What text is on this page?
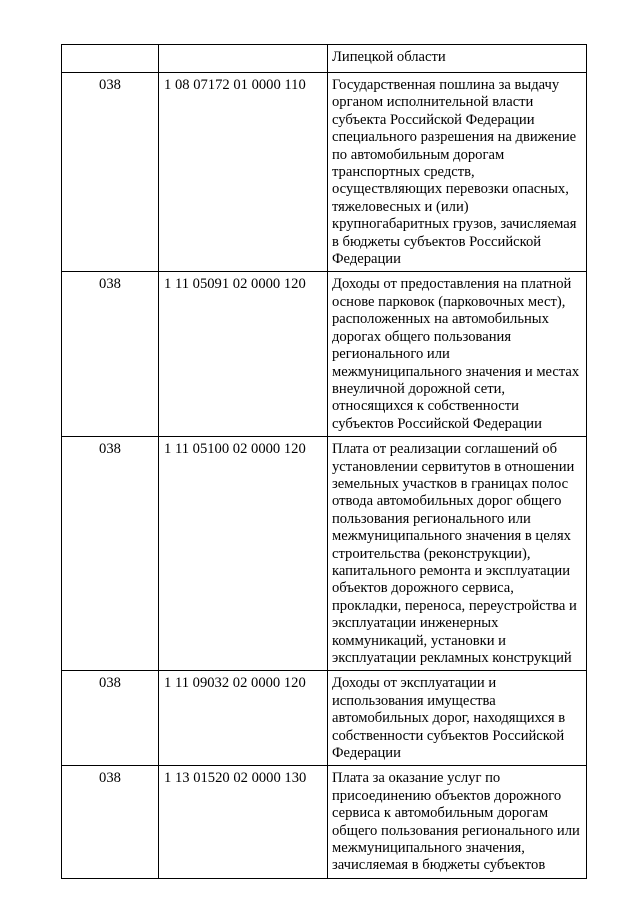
		Липецкой области
038	1 08 07172 01 0000 110	Государственная пошлина за выдачу органом исполнительной власти субъекта Российской Федерации специального разрешения на движение по автомобильным дорогам транспортных средств, осуществляющих перевозки опасных, тяжеловесных и (или) крупногабаритных грузов, зачисляемая в бюджеты субъектов Российской Федерации
038	1 11 05091 02 0000 120	Доходы от предоставления на платной основе парковок (парковочных мест), расположенных на автомобильных дорогах общего пользования регионального или межмуниципального значения и местах внеуличной дорожной сети, относящихся к собственности субъектов Российской Федерации
038	1 11 05100 02 0000 120	Плата от реализации соглашений об установлении сервитутов в отношении земельных участков в границах полос отвода автомобильных дорог общего пользования регионального или межмуниципального значения в целях строительства (реконструкции), капитального ремонта и эксплуатации объектов дорожного сервиса, прокладки, переноса, переустройства и эксплуатации инженерных коммуникаций, установки и эксплуатации рекламных конструкций
038	1 11 09032 02 0000 120	Доходы от эксплуатации и использования имущества автомобильных дорог, находящихся в собственности субъектов Российской Федерации
038	1 13 01520 02 0000 130	Плата за оказание услуг по присоединению объектов дорожного сервиса к автомобильным дорогам общего пользования регионального или межмуниципального значения, зачисляемая в бюджеты субъектов
